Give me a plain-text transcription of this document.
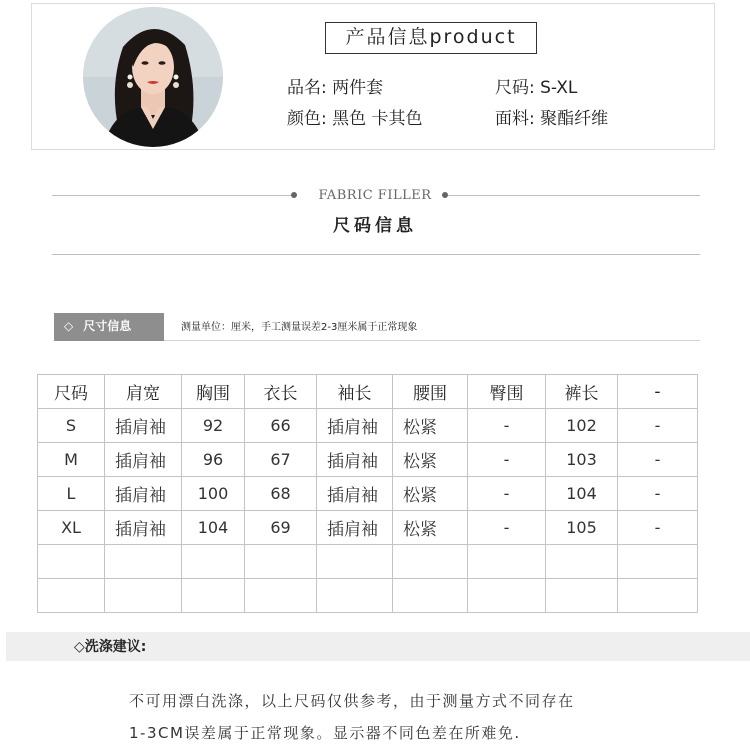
产品信息product
品名: 两件套	尺码: S-XL
颜色: 黑色 卡其色	面料: 聚酯纤维
FABRIC FILLER
尺码信息
◇ 尺寸信息	测量单位：厘米，手工测量误差2-3厘米属于正常现象
尺码	肩宽	胸围	衣长	袖长	腰围	臀围	裤长	-
S	插肩袖	92	66	插肩袖	松紧	-	102	-
M	插肩袖	96	67	插肩袖	松紧	-	103	-
L	插肩袖	100	68	插肩袖	松紧	-	104	-
XL	插肩袖	104	69	插肩袖	松紧	-	105	-

◇洗涤建议:
不可用漂白洗涤，以上尺码仅供参考，由于测量方式不同存在
1-3CM误差属于正常现象。显示器不同色差在所难免.
